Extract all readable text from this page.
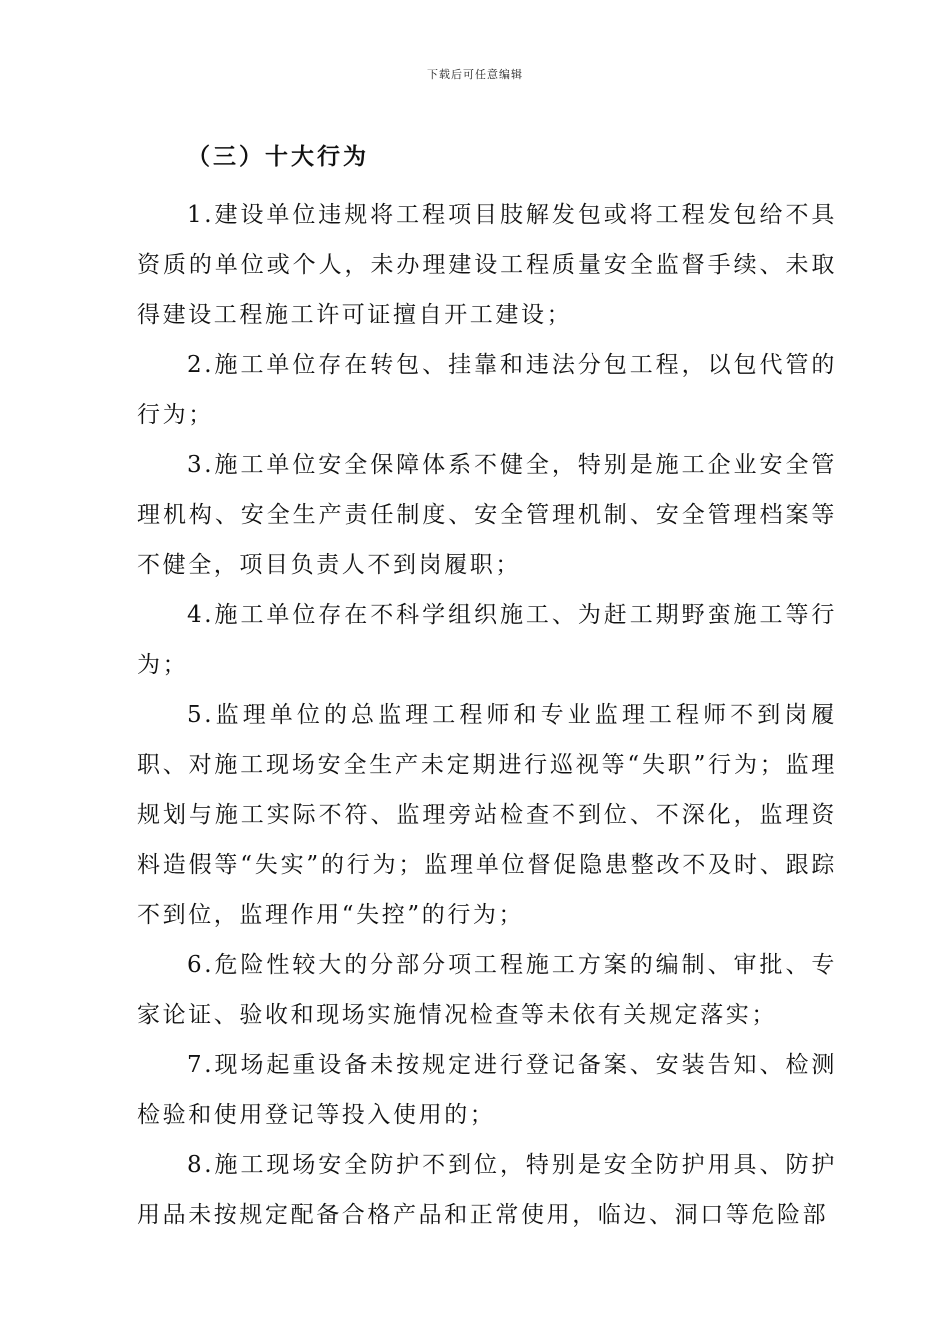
下载后可任意编辑
（三）十大行为

1.建设单位违规将工程项目肢解发包或将工程发包给不具资质的单位或个人，未办理建设工程质量安全监督手续、未取得建设工程施工许可证擅自开工建设；

2.施工单位存在转包、挂靠和违法分包工程，以包代管的行为；

3.施工单位安全保障体系不健全，特别是施工企业安全管理机构、安全生产责任制度、安全管理机制、安全管理档案等不健全，项目负责人不到岗履职；

4.施工单位存在不科学组织施工、为赶工期野蛮施工等行为；

5.监理单位的总监理工程师和专业监理工程师不到岗履职、对施工现场安全生产未定期进行巡视等“失职”行为；监理规划与施工实际不符、监理旁站检查不到位、不深化，监理资料造假等“失实”的行为；监理单位督促隐患整改不及时、跟踪不到位，监理作用“失控”的行为；

6.危险性较大的分部分项工程施工方案的编制、审批、专家论证、验收和现场实施情况检查等未依有关规定落实；

7.现场起重设备未按规定进行登记备案、安装告知、检测检验和使用登记等投入使用的；

8.施工现场安全防护不到位，特别是安全防护用具、防护用品未按规定配备合格产品和正常使用，临边、洞口等危险部
